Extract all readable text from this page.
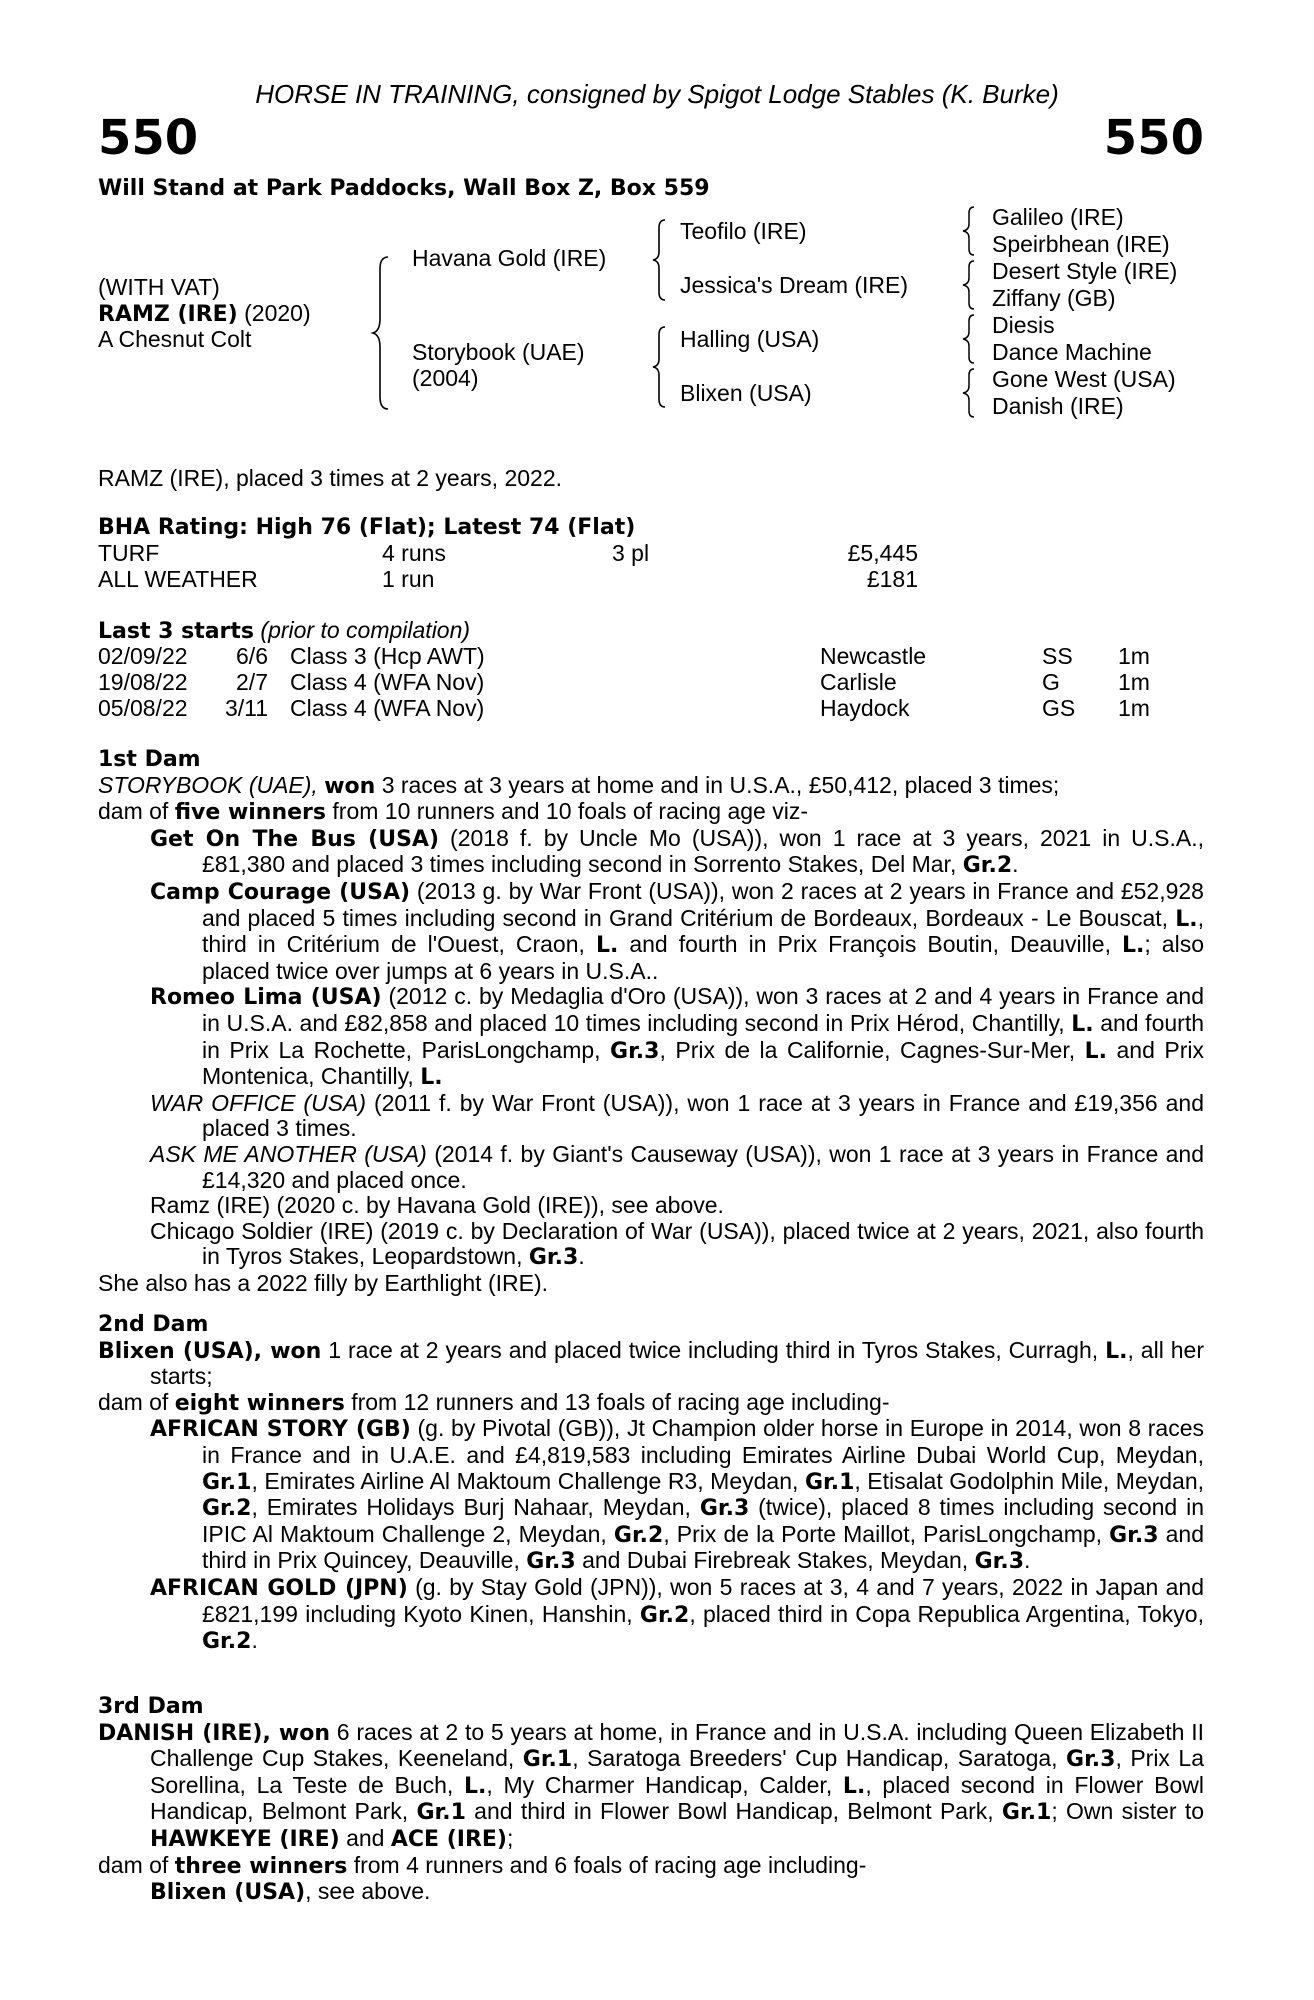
HORSE IN TRAINING, consigned by Spigot Lodge Stables (K. Burke)
550	550
Will Stand at Park Paddocks, Wall Box Z, Box 559
(WITH VAT)
RAMZ (IRE) (2020)
A Chesnut Colt
Havana Gold (IRE)
Storybook (UAE)
(2004)
Teofilo (IRE)
Jessica's Dream (IRE)
Halling (USA)
Blixen (USA)
Galileo (IRE)
Speirbhean (IRE)
Desert Style (IRE)
Ziffany (GB)
Diesis
Dance Machine
Gone West (USA)
Danish (IRE)
RAMZ (IRE), placed 3 times at 2 years, 2022.
BHA Rating: High 76 (Flat); Latest 74 (Flat)
TURF	4 runs	3 pl	£5,445
ALL WEATHER	1 run	£181
Last 3 starts (prior to compilation)
02/09/22	6/6 Class 3 (Hcp AWT)	Newcastle	SS 1m
19/08/22	2/7 Class 4 (WFA Nov)	Carlisle	G	1m
05/08/22	3/11 Class 4 (WFA Nov)	Haydock	GS 1m
1st Dam
STORYBOOK (UAE), won 3 races at 3 years at home and in U.S.A., £50,412, placed 3 times;
dam of five winners from 10 runners and 10 foals of racing age viz-
Get On The Bus (USA) (2018 f. by Uncle Mo (USA)), won 1 race at 3 years, 2021 in U.S.A., £81,380 and placed 3 times including second in Sorrento Stakes, Del Mar, Gr.2.
Camp Courage (USA) (2013 g. by War Front (USA)), won 2 races at 2 years in France and £52,928 and placed 5 times including second in Grand Critérium de Bordeaux, Bordeaux - Le Bouscat, L., third in Critérium de l'Ouest, Craon, L. and fourth in Prix François Boutin, Deauville, L.; also placed twice over jumps at 6 years in U.S.A..
Romeo Lima (USA) (2012 c. by Medaglia d'Oro (USA)), won 3 races at 2 and 4 years in France and in U.S.A. and £82,858 and placed 10 times including second in Prix Hérod, Chantilly, L. and fourth in Prix La Rochette, ParisLongchamp, Gr.3, Prix de la Californie, Cagnes-Sur-Mer, L. and Prix Montenica, Chantilly, L.
WAR OFFICE (USA) (2011 f. by War Front (USA)), won 1 race at 3 years in France and £19,356 and placed 3 times.
ASK ME ANOTHER (USA) (2014 f. by Giant's Causeway (USA)), won 1 race at 3 years in France and £14,320 and placed once.
Ramz (IRE) (2020 c. by Havana Gold (IRE)), see above.
Chicago Soldier (IRE) (2019 c. by Declaration of War (USA)), placed twice at 2 years, 2021, also fourth in Tyros Stakes, Leopardstown, Gr.3.
She also has a 2022 filly by Earthlight (IRE).
2nd Dam
Blixen (USA), won 1 race at 2 years and placed twice including third in Tyros Stakes, Curragh, L., all her starts;
dam of eight winners from 12 runners and 13 foals of racing age including-
AFRICAN STORY (GB) (g. by Pivotal (GB)), Jt Champion older horse in Europe in 2014, won 8 races in France and in U.A.E. and £4,819,583 including Emirates Airline Dubai World Cup, Meydan, Gr.1, Emirates Airline Al Maktoum Challenge R3, Meydan, Gr.1, Etisalat Godolphin Mile, Meydan, Gr.2, Emirates Holidays Burj Nahaar, Meydan, Gr.3 (twice), placed 8 times including second in IPIC Al Maktoum Challenge 2, Meydan, Gr.2, Prix de la Porte Maillot, ParisLongchamp, Gr.3 and third in Prix Quincey, Deauville, Gr.3 and Dubai Firebreak Stakes, Meydan, Gr.3.
AFRICAN GOLD (JPN) (g. by Stay Gold (JPN)), won 5 races at 3, 4 and 7 years, 2022 in Japan and £821,199 including Kyoto Kinen, Hanshin, Gr.2, placed third in Copa Republica Argentina, Tokyo, Gr.2.
3rd Dam
DANISH (IRE), won 6 races at 2 to 5 years at home, in France and in U.S.A. including Queen Elizabeth II Challenge Cup Stakes, Keeneland, Gr.1, Saratoga Breeders' Cup Handicap, Saratoga, Gr.3, Prix La Sorellina, La Teste de Buch, L., My Charmer Handicap, Calder, L., placed second in Flower Bowl Handicap, Belmont Park, Gr.1 and third in Flower Bowl Handicap, Belmont Park, Gr.1; Own sister to HAWKEYE (IRE) and ACE (IRE);
dam of three winners from 4 runners and 6 foals of racing age including-
Blixen (USA), see above.
